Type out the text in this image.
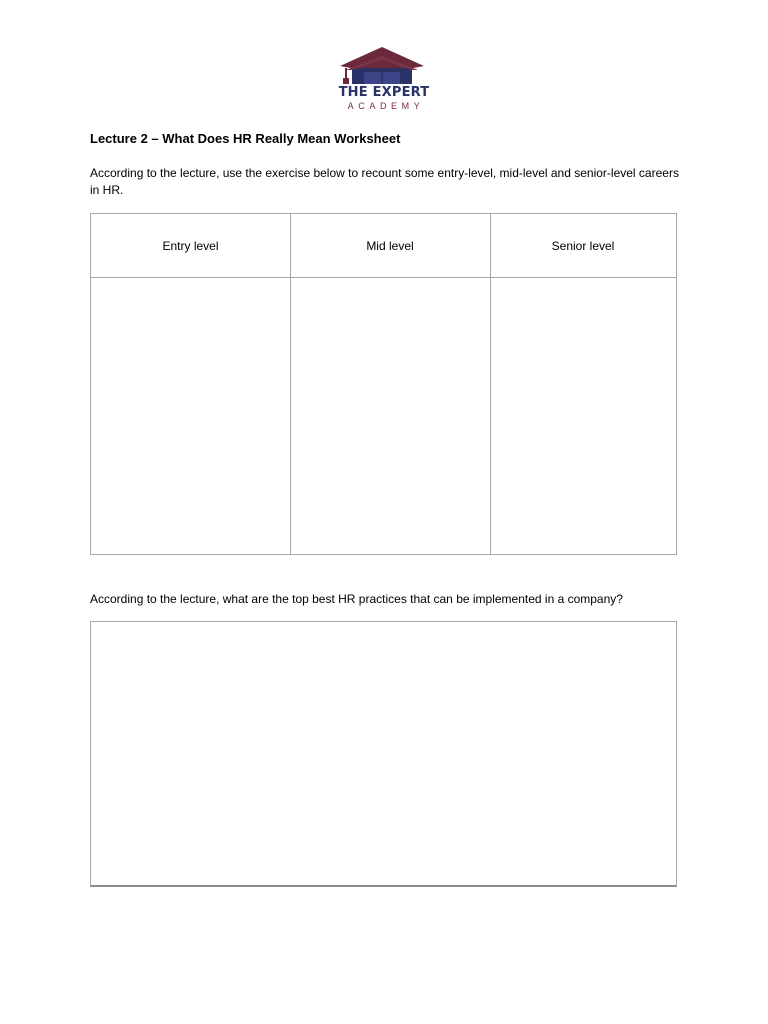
THE EXPERT
ACADEMY
Lecture 2 – What Does HR Really Mean Worksheet
According to the lecture, use the exercise below to recount some entry-level, mid-level and senior-level careers in HR.
Entry level	Mid level	Senior level
According to the lecture, what are the top best HR practices that can be implemented in a company?
